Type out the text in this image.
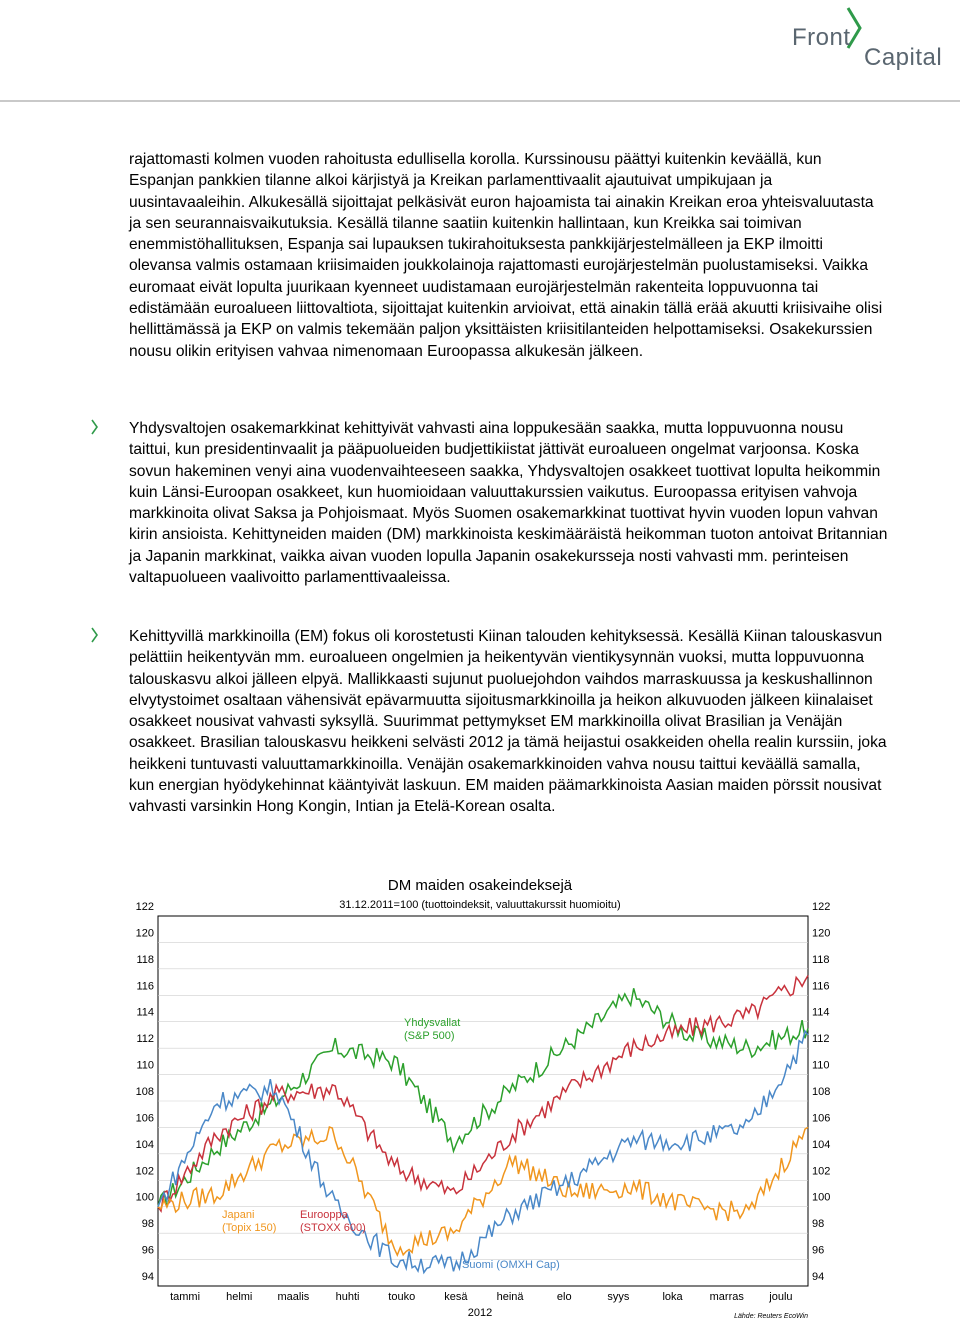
Front
Capital

rajattomasti kolmen vuoden rahoitusta edullisella korolla. Kurssinousu päättyi kuitenkin keväällä, kun Espanjan pankkien tilanne alkoi kärjistyä ja Kreikan parlamenttivaalit ajautuivat umpikujaan ja uusintavaaleihin. Alkukesällä sijoittajat pelkäsivät euron hajoamista tai ainakin Kreikan eroa yhteisvaluutasta ja sen seurannaisvaikutuksia. Kesällä tilanne saatiin kuitenkin hallintaan, kun Kreikka sai toimivan enemmistöhallituksen, Espanja sai lupauksen tukirahoituksesta pankkijärjestelmälleen ja EKP ilmoitti olevansa valmis ostamaan kriisimaiden joukkolainoja rajattomasti eurojärjestelmän puolustamiseksi. Vaikka euromaat eivät lopulta juurikaan kyenneet uudistamaan eurojärjestelmän rakenteita loppuvuonna tai edistämään euroalueen liittovaltiota, sijoittajat kuitenkin arvioivat, että ainakin tällä erää akuutti kriisivaihe olisi hellittämässä ja EKP on valmis tekemään paljon yksittäisten kriisitilanteiden helpottamiseksi. Osakekurssien nousu olikin erityisen vahvaa nimenomaan Euroopassa alkukesän jälkeen.

Yhdysvaltojen osakemarkkinat kehittyivät vahvasti aina loppukesään saakka, mutta loppuvuonna nousu taittui, kun presidentinvaalit ja pääpuolueiden budjettikiistat jättivät euroalueen ongelmat varjoonsa. Koska sovun hakeminen venyi aina vuodenvaihteeseen saakka, Yhdysvaltojen osakkeet tuottivat lopulta heikommin kuin Länsi-Euroopan osakkeet, kun huomioidaan valuuttakurssien vaikutus. Euroopassa erityisen vahvoja markkinoita olivat Saksa ja Pohjoismaat. Myös Suomen osakemarkkinat tuottivat hyvin vuoden lopun vahvan kirin ansioista. Kehittyneiden maiden (DM) markkinoista keskimääräistä heikomman tuoton antoivat Britannian ja Japanin markkinat, vaikka aivan vuoden lopulla Japanin osakekursseja nosti vahvasti mm. perinteisen valtapuolueen vaalivoitto parlamenttivaaleissa.

Kehittyvillä markkinoilla (EM) fokus oli korostetusti Kiinan talouden kehityksessä. Kesällä Kiinan talouskasvun pelättiin heikentyvän mm. euroalueen ongelmien ja heikentyvän vientikysynnän vuoksi, mutta loppuvuonna talouskasvu alkoi jälleen elpyä. Mallikkaasti sujunut puoluejohdon vaihdos marraskuussa ja keskushallinnon elvytystoimet osaltaan vähensivät epävarmuutta sijoitusmarkkinoilla ja heikon alkuvuoden jälkeen kiinalaiset osakkeet nousivat vahvasti syksyllä. Suurimmat pettymykset EM markkinoilla olivat Brasilian ja Venäjän osakkeet. Brasilian talouskasvu heikkeni selvästi 2012 ja tämä heijastui osakkeiden ohella realin kurssiin, joka heikkeni tuntuvasti valuuttamarkkinoilla. Venäjän osakemarkkinoiden vahva nousu taittui keväällä samalla, kun energian hyödykehinnat kääntyivät laskuun. EM maiden päämarkkinoista Aasian maiden pörssit nousivat vahvasti varsinkin Hong Kongin, Intian ja Etelä-Korean osalta.

DM maiden osakeindeksejä
31.12.2011=100 (tuottoindeksit, valuuttakurssit huomioitu)
94
96
98
100
102
104
106
108
110
112
114
116
118
120
122
94
96
98
100
102
104
106
108
110
112
114
116
118
120
122
tammi helmi maalis huhti	touko	kesä	heinä	elo	syys	loka marras joulu
Yhdysvallat
(S&P 500)
Eurooppa
(STOXX 600)
Japani
(Topix 150)
Suomi (OMXH Cap)
2012	Lähde: Reuters EcoWin
